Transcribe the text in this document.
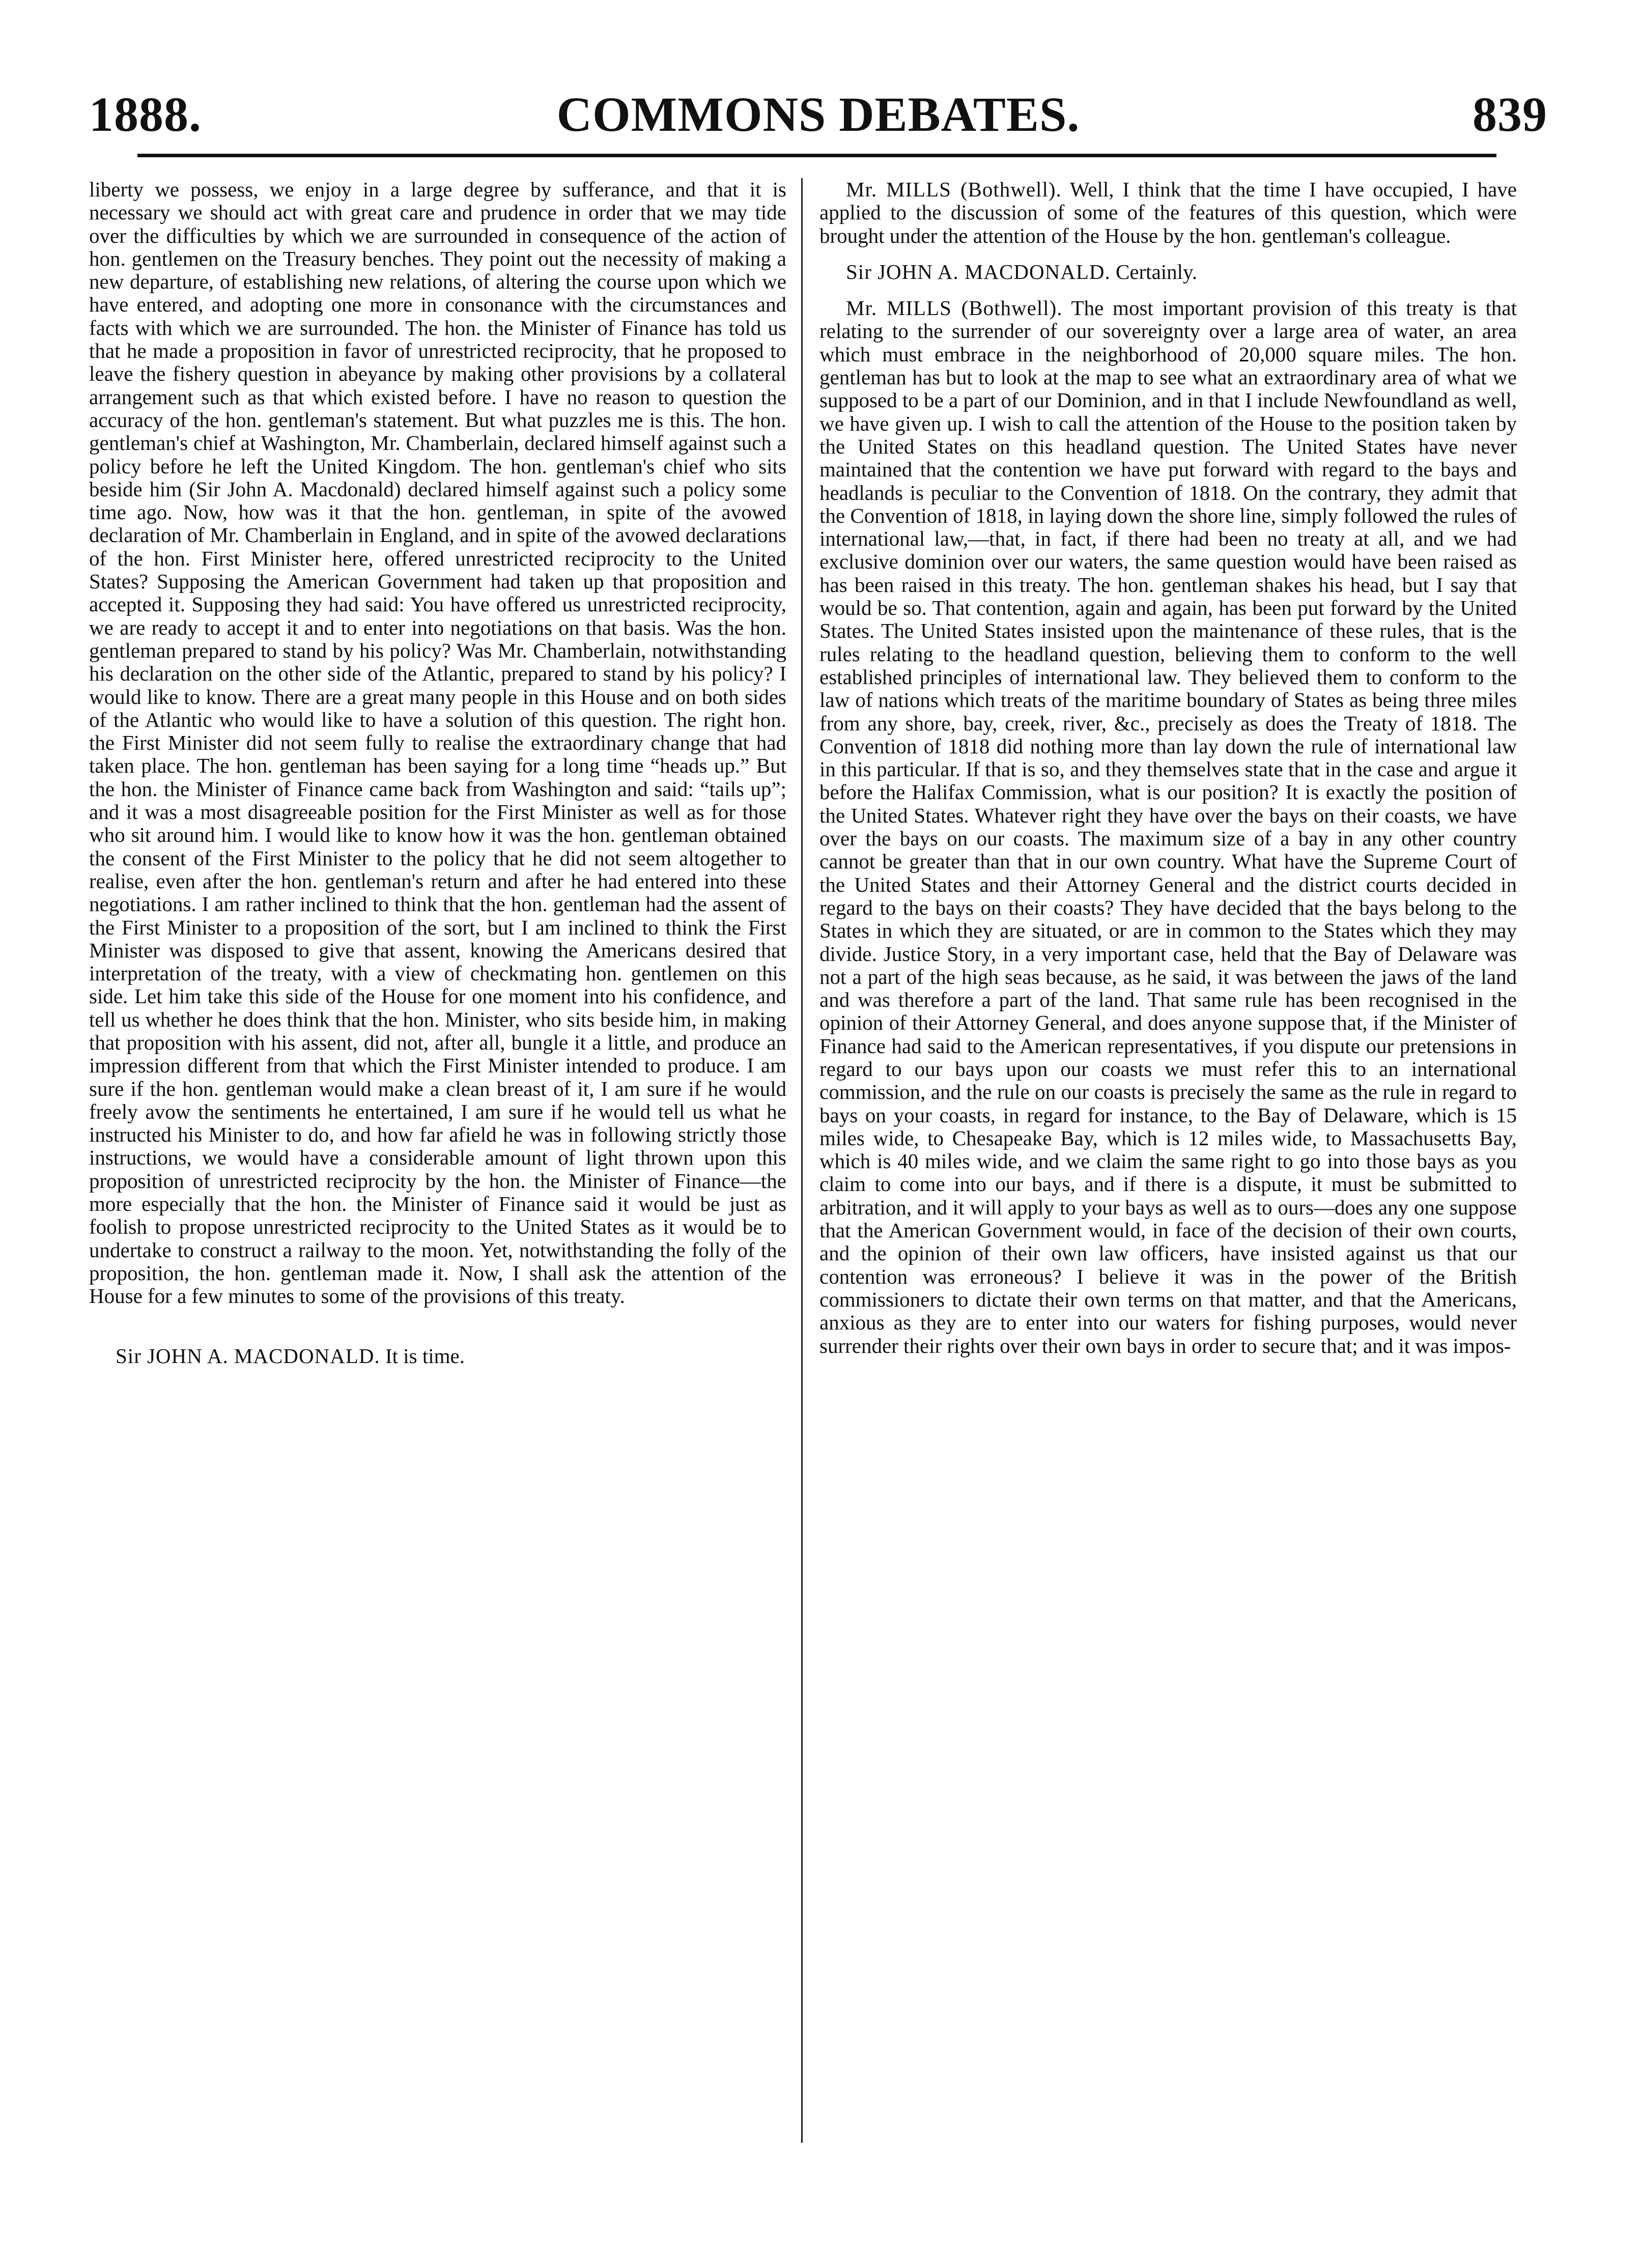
1888.	COMMONS DEBATES.	839

liberty we possess, we enjoy in a large degree by sufferance, and that it is necessary we should act with great care and prudence in order that we may tide over the difficulties by which we are surrounded in consequence of the action of hon. gentlemen on the Treasury benches. They point out the necessity of making a new departure, of establishing new relations, of altering the course upon which we have entered, and adopting one more in consonance with the circumstances and facts with which we are surrounded. The hon. the Minister of Finance has told us that he made a proposition in favor of unrestricted reciprocity, that he proposed to leave the fishery question in abeyance by making other provisions by a collateral arrangement such as that which existed before. I have no reason to question the accuracy of the hon. gentleman's statement. But what puzzles me is this. The hon. gentleman's chief at Washington, Mr. Chamberlain, declared himself against such a policy before he left the United Kingdom. The hon. gentleman's chief who sits beside him (Sir John A. Macdonald) declared himself against such a policy some time ago. Now, how was it that the hon. gentleman, in spite of the avowed declaration of Mr. Chamberlain in England, and in spite of the avowed declarations of the hon. First Minister here, offered unrestricted reciprocity to the United States? Supposing the American Government had taken up that proposition and accepted it. Supposing they had said: You have offered us unrestricted reciprocity, we are ready to accept it and to enter into negotiations on that basis. Was the hon. gentleman prepared to stand by his policy? Was Mr. Chamberlain, notwithstanding his declaration on the other side of the Atlantic, prepared to stand by his policy? I would like to know. There are a great many people in this House and on both sides of the Atlantic who would like to have a solution of this question. The right hon. the First Minister did not seem fully to realise the extraordinary change that had taken place. The hon. gentleman has been saying for a long time “heads up.” But the hon. the Minister of Finance came back from Washington and said: “tails up”; and it was a most disagreeable position for the First Minister as well as for those who sit around him. I would like to know how it was the hon. gentleman obtained the consent of the First Minister to the policy that he did not seem altogether to realise, even after the hon. gentleman's return and after he had entered into these negotiations. I am rather inclined to think that the hon. gentleman had the assent of the First Minister to a proposition of the sort, but I am inclined to think the First Minister was disposed to give that assent, knowing the Americans desired that interpretation of the treaty, with a view of checkmating hon. gentlemen on this side. Let him take this side of the House for one moment into his confidence, and tell us whether he does think that the hon. Minister, who sits beside him, in making that proposition with his assent, did not, after all, bungle it a little, and produce an impression different from that which the First Minister intended to produce. I am sure if the hon. gentleman would make a clean breast of it, I am sure if he would freely avow the sentiments he entertained, I am sure if he would tell us what he instructed his Minister to do, and how far afield he was in following strictly those instructions, we would have a considerable amount of light thrown upon this proposition of unrestricted reciprocity by the hon. the Minister of Finance—the more especially that the hon. the Minister of Finance said it would be just as foolish to propose unrestricted reciprocity to the United States as it would be to undertake to construct a railway to the moon. Yet, notwithstanding the folly of the proposition, the hon. gentleman made it. Now, I shall ask the attention of the House for a few minutes to some of the provisions of this treaty.

Sir JOHN A. MACDONALD. It is time.

Mr. MILLS (Bothwell). Well, I think that the time I have occupied, I have applied to the discussion of some of the features of this question, which were brought under the attention of the House by the hon. gentleman's colleague.

Sir JOHN A. MACDONALD. Certainly.

Mr. MILLS (Bothwell). The most important provision of this treaty is that relating to the surrender of our sovereignty over a large area of water, an area which must embrace in the neighborhood of 20,000 square miles. The hon. gentleman has but to look at the map to see what an extraordinary area of what we supposed to be a part of our Dominion, and in that I include Newfoundland as well, we have given up. I wish to call the attention of the House to the position taken by the United States on this headland question. The United States have never maintained that the contention we have put forward with regard to the bays and headlands is peculiar to the Convention of 1818. On the contrary, they admit that the Convention of 1818, in laying down the shore line, simply followed the rules of international law,—that, in fact, if there had been no treaty at all, and we had exclusive dominion over our waters, the same question would have been raised as has been raised in this treaty. The hon. gentleman shakes his head, but I say that would be so. That contention, again and again, has been put forward by the United States. The United States insisted upon the maintenance of these rules, that is the rules relating to the headland question, believing them to conform to the well established principles of international law. They believed them to conform to the law of nations which treats of the maritime boundary of States as being three miles from any shore, bay, creek, river, &c., precisely as does the Treaty of 1818. The Convention of 1818 did nothing more than lay down the rule of international law in this particular. If that is so, and they themselves state that in the case and argue it before the Halifax Commission, what is our position? It is exactly the position of the United States. Whatever right they have over the bays on their coasts, we have over the bays on our coasts. The maximum size of a bay in any other country cannot be greater than that in our own country. What have the Supreme Court of the United States and their Attorney General and the district courts decided in regard to the bays on their coasts? They have decided that the bays belong to the States in which they are situated, or are in common to the States which they may divide. Justice Story, in a very important case, held that the Bay of Delaware was not a part of the high seas because, as he said, it was between the jaws of the land and was therefore a part of the land. That same rule has been recognised in the opinion of their Attorney General, and does anyone suppose that, if the Minister of Finance had said to the American representatives, if you dispute our pretensions in regard to our bays upon our coasts we must refer this to an international commission, and the rule on our coasts is precisely the same as the rule in regard to bays on your coasts, in regard for instance, to the Bay of Delaware, which is 15 miles wide, to Chesapeake Bay, which is 12 miles wide, to Massachusetts Bay, which is 40 miles wide, and we claim the same right to go into those bays as you claim to come into our bays, and if there is a dispute, it must be submitted to arbitration, and it will apply to your bays as well as to ours—does any one suppose that the American Government would, in face of the decision of their own courts, and the opinion of their own law officers, have insisted against us that our contention was erroneous? I believe it was in the power of the British commissioners to dictate their own terms on that matter, and that the Americans, anxious as they are to enter into our waters for fishing purposes, would never surrender their rights over their own bays in order to secure that; and it was impos-
